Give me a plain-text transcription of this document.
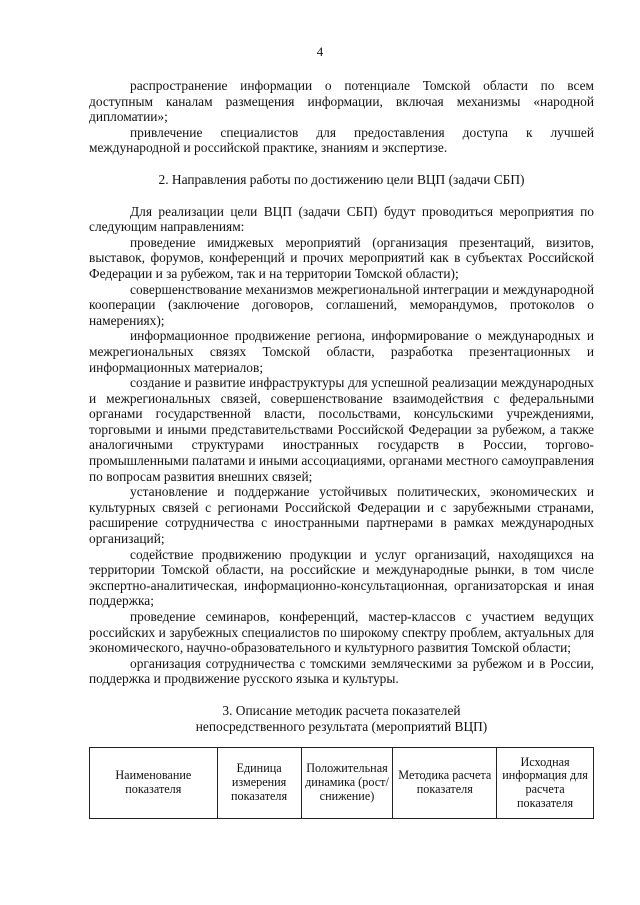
4

распространение информации о потенциале Томской области по всем доступным каналам размещения информации, включая механизмы «народной дипломатии»;

привлечение специалистов для предоставления доступа к лучшей международной и российской практике, знаниям и экспертизе.

2. Направления работы по достижению цели ВЦП (задачи СБП)

Для реализации цели ВЦП (задачи СБП) будут проводиться мероприятия по следующим направлениям:

проведение имиджевых мероприятий (организация презентаций, визитов, выставок, форумов, конференций и прочих мероприятий как в субъектах Российской Федерации и за рубежом, так и на территории Томской области);

совершенствование механизмов межрегиональной интеграции и международной кооперации (заключение договоров, соглашений, меморандумов, протоколов о намерениях);

информационное продвижение региона, информирование о международных и межрегиональных связях Томской области, разработка презентационных и информационных материалов;

создание и развитие инфраструктуры для успешной реализации международных и межрегиональных связей, совершенствование взаимодействия с федеральными органами государственной власти, посольствами, консульскими учреждениями, торговыми и иными представительствами Российской Федерации за рубежом, а также аналогичными структурами иностранных государств в России, торгово-промышленными палатами и иными ассоциациями, органами местного самоуправления по вопросам развития внешних связей;

установление и поддержание устойчивых политических, экономических и культурных связей с регионами Российской Федерации и с зарубежными странами, расширение сотрудничества с иностранными партнерами в рамках международных организаций;

содействие продвижению продукции и услуг организаций, находящихся на территории Томской области, на российские и международные рынки, в том числе экспертно-аналитическая, информационно-консультационная, организаторская и иная поддержка;

проведение семинаров, конференций, мастер-классов с участием ведущих российских и зарубежных специалистов по широкому спектру проблем, актуальных для экономического, научно-образовательного и культурного развития Томской области;

организация сотрудничества с томскими земляческими за рубежом и в России, поддержка и продвижение русского языка и культуры.

3. Описание методик расчета показателей
непосредственного результата (мероприятий ВЦП)
Наименование показателя	Единица измерения показателя	Положительная динамика (рост/ снижение)	Методика расчета показателя	Исходная информация для расчета показателя
